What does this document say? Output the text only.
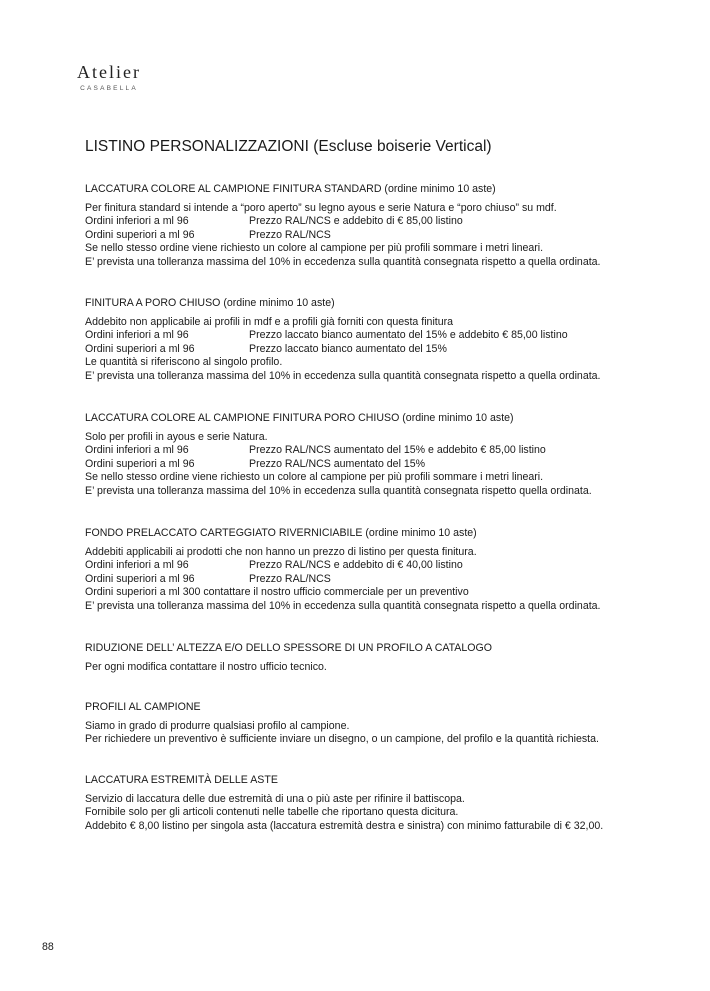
Atelier
CASABELLA
LISTINO PERSONALIZZAZIONI (Escluse boiserie Vertical)
LACCATURA COLORE AL CAMPIONE FINITURA STANDARD (ordine minimo 10 aste)
Per finitura standard si intende a “poro aperto” su legno ayous e serie Natura e “poro chiuso” su mdf.
Ordini inferiori a ml 96	Prezzo RAL/NCS e addebito di € 85,00 listino
Ordini superiori a ml 96	Prezzo RAL/NCS
Se nello stesso ordine viene richiesto un colore al campione per più profili sommare i metri lineari.
E’ prevista una tolleranza massima del 10% in eccedenza sulla quantità consegnata rispetto a quella ordinata.
FINITURA A PORO CHIUSO (ordine minimo 10 aste)
Addebito non applicabile ai profili in mdf e a profili già forniti con questa finitura
Ordini inferiori a ml 96	Prezzo laccato bianco aumentato del 15% e addebito € 85,00 listino
Ordini superiori a ml 96	Prezzo laccato bianco aumentato del 15%
Le quantità si riferiscono al singolo profilo.
E’ prevista una tolleranza massima del 10% in eccedenza sulla quantità consegnata rispetto a quella ordinata.
LACCATURA COLORE AL CAMPIONE FINITURA PORO CHIUSO (ordine minimo 10 aste)
Solo per profili in ayous e serie Natura.
Ordini inferiori a ml 96	Prezzo RAL/NCS aumentato del 15% e addebito € 85,00 listino
Ordini superiori a ml 96	Prezzo RAL/NCS aumentato del 15%
Se nello stesso ordine viene richiesto un colore al campione per più profili sommare i metri lineari.
E’ prevista una tolleranza massima del 10% in eccedenza sulla quantità consegnata rispetto quella ordinata.
FONDO PRELACCATO CARTEGGIATO RIVERNICIABILE (ordine minimo 10 aste)
Addebiti applicabili ai prodotti che non hanno un prezzo di listino per questa finitura.
Ordini inferiori a ml 96	Prezzo RAL/NCS e addebito di € 40,00 listino
Ordini superiori a ml 96	Prezzo RAL/NCS
Ordini superiori a ml 300 contattare il nostro ufficio commerciale per un preventivo
E’ prevista una tolleranza massima del 10% in eccedenza sulla quantità consegnata rispetto a quella ordinata.
RIDUZIONE DELL’ ALTEZZA E/O DELLO SPESSORE DI UN PROFILO A CATALOGO
Per ogni modifica contattare il nostro ufficio tecnico.
PROFILI AL CAMPIONE
Siamo in grado di produrre qualsiasi profilo al campione.
Per richiedere un preventivo è sufficiente inviare un disegno, o un campione, del profilo e la quantità richiesta.
LACCATURA ESTREMITÀ DELLE ASTE
Servizio di laccatura delle due estremità di una o più aste per rifinire il battiscopa.
Fornibile solo per gli articoli contenuti nelle tabelle che riportano questa dicitura.
Addebito € 8,00 listino per singola asta (laccatura estremità destra e sinistra) con minimo fatturabile di € 32,00.
88
